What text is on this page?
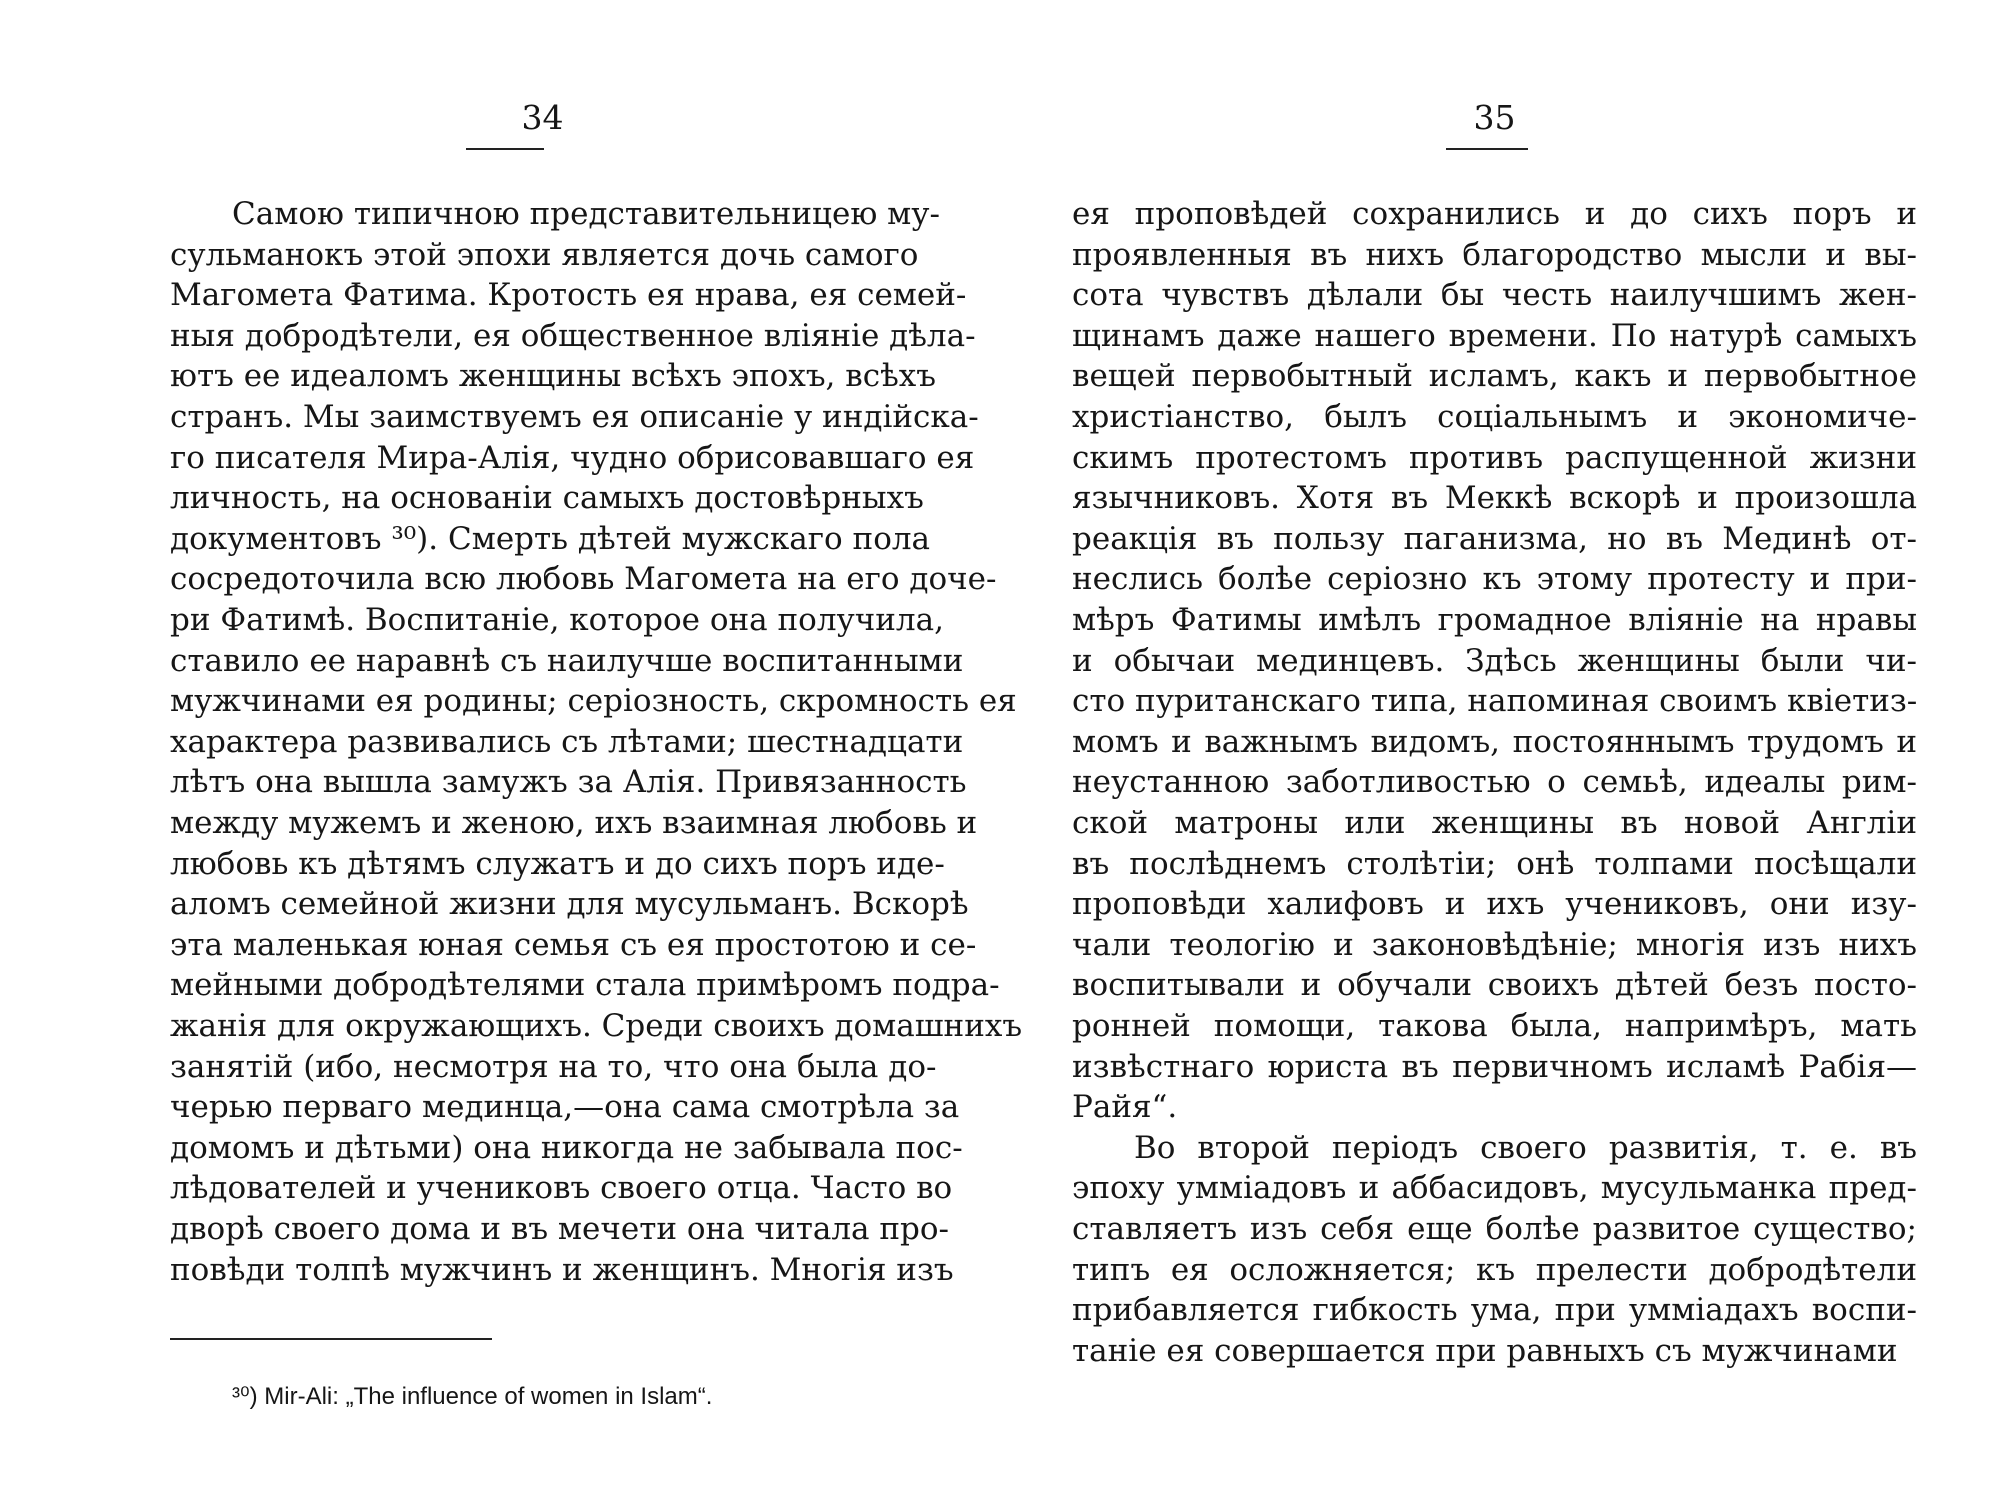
34
Самою типичною представительницею му-
сульманокъ этой эпохи является дочь самого
Магомета Фатима. Кротость ея нрава, ея семей-
ныя добродѣтели, ея общественное вліяніе дѣла-
ютъ ее идеаломъ женщины всѣхъ эпохъ, всѣхъ
странъ. Мы заимствуемъ ея описаніе у индійска-
го писателя Мира-Алія, чудно обрисовавшаго ея
личность, на основаніи самыхъ достовѣрныхъ
документовъ ³⁰). Смерть дѣтей мужскаго пола
сосредоточила всю любовь Магомета на его доче-
ри Фатимѣ. Воспитаніе, которое она получила,
ставило ее наравнѣ съ наилучше воспитанными
мужчинами ея родины; серіозность, скромность ея
характера развивались съ лѣтами; шестнадцати
лѣтъ она вышла замужъ за Алія. Привязанность
между мужемъ и женою, ихъ взаимная любовь и
любовь къ дѣтямъ служатъ и до сихъ поръ иде-
аломъ семейной жизни для мусульманъ. Вскорѣ
эта маленькая юная семья съ ея простотою и се-
мейными добродѣтелями стала примѣромъ подра-
жанія для окружающихъ. Среди своихъ домашнихъ
занятій (ибо, несмотря на то, что она была до-
черью перваго мединца,—она сама смотрѣла за
домомъ и дѣтьми) она никогда не забывала пос-
лѣдователей и учениковъ своего отца. Часто во
дворѣ своего дома и въ мечети она читала про-
повѣди толпѣ мужчинъ и женщинъ. Многія изъ
³⁰) Mir-Ali: „The influence of women in Islam“.
35
ея проповѣдей сохранились и до сихъ поръ и
проявленныя въ нихъ благородство мысли и вы-
сота чувствъ дѣлали бы честь наилучшимъ жен-
щинамъ даже нашего времени. По натурѣ самыхъ
вещей первобытный исламъ, какъ и первобытное
христіанство, былъ соціальнымъ и экономиче-
скимъ протестомъ противъ распущенной жизни
язычниковъ. Хотя въ Меккѣ вскорѣ и произошла
реакція въ пользу паганизма, но въ Мединѣ от-
неслись болѣе серіозно къ этому протесту и при-
мѣръ Фатимы имѣлъ громадное вліяніе на нравы
и обычаи мединцевъ. Здѣсь женщины были чи-
сто пуританскаго типа, напоминая своимъ квіетиз-
момъ и важнымъ видомъ, постояннымъ трудомъ и
неустанною заботливостью о семьѣ, идеалы рим-
ской матроны или женщины въ новой Англіи
въ послѣднемъ столѣтіи; онѣ толпами посѣщали
проповѣди халифовъ и ихъ учениковъ, они изу-
чали теологію и законовѣдѣніе; многія изъ нихъ
воспитывали и обучали своихъ дѣтей безъ посто-
ронней помощи, такова была, напримѣръ, мать
извѣстнаго юриста въ первичномъ исламѣ Рабія—
Райя“.
Во второй періодъ своего развитія, т. е. въ
эпоху уммiадовъ и аббасидовъ, мусульманка пред-
ставляетъ изъ себя еще болѣе развитое существо;
типъ ея осложняется; къ прелести добродѣтели
прибавляется гибкость ума, при уммiадахъ воспи-
таніе ея совершается при равныхъ съ мужчинами
